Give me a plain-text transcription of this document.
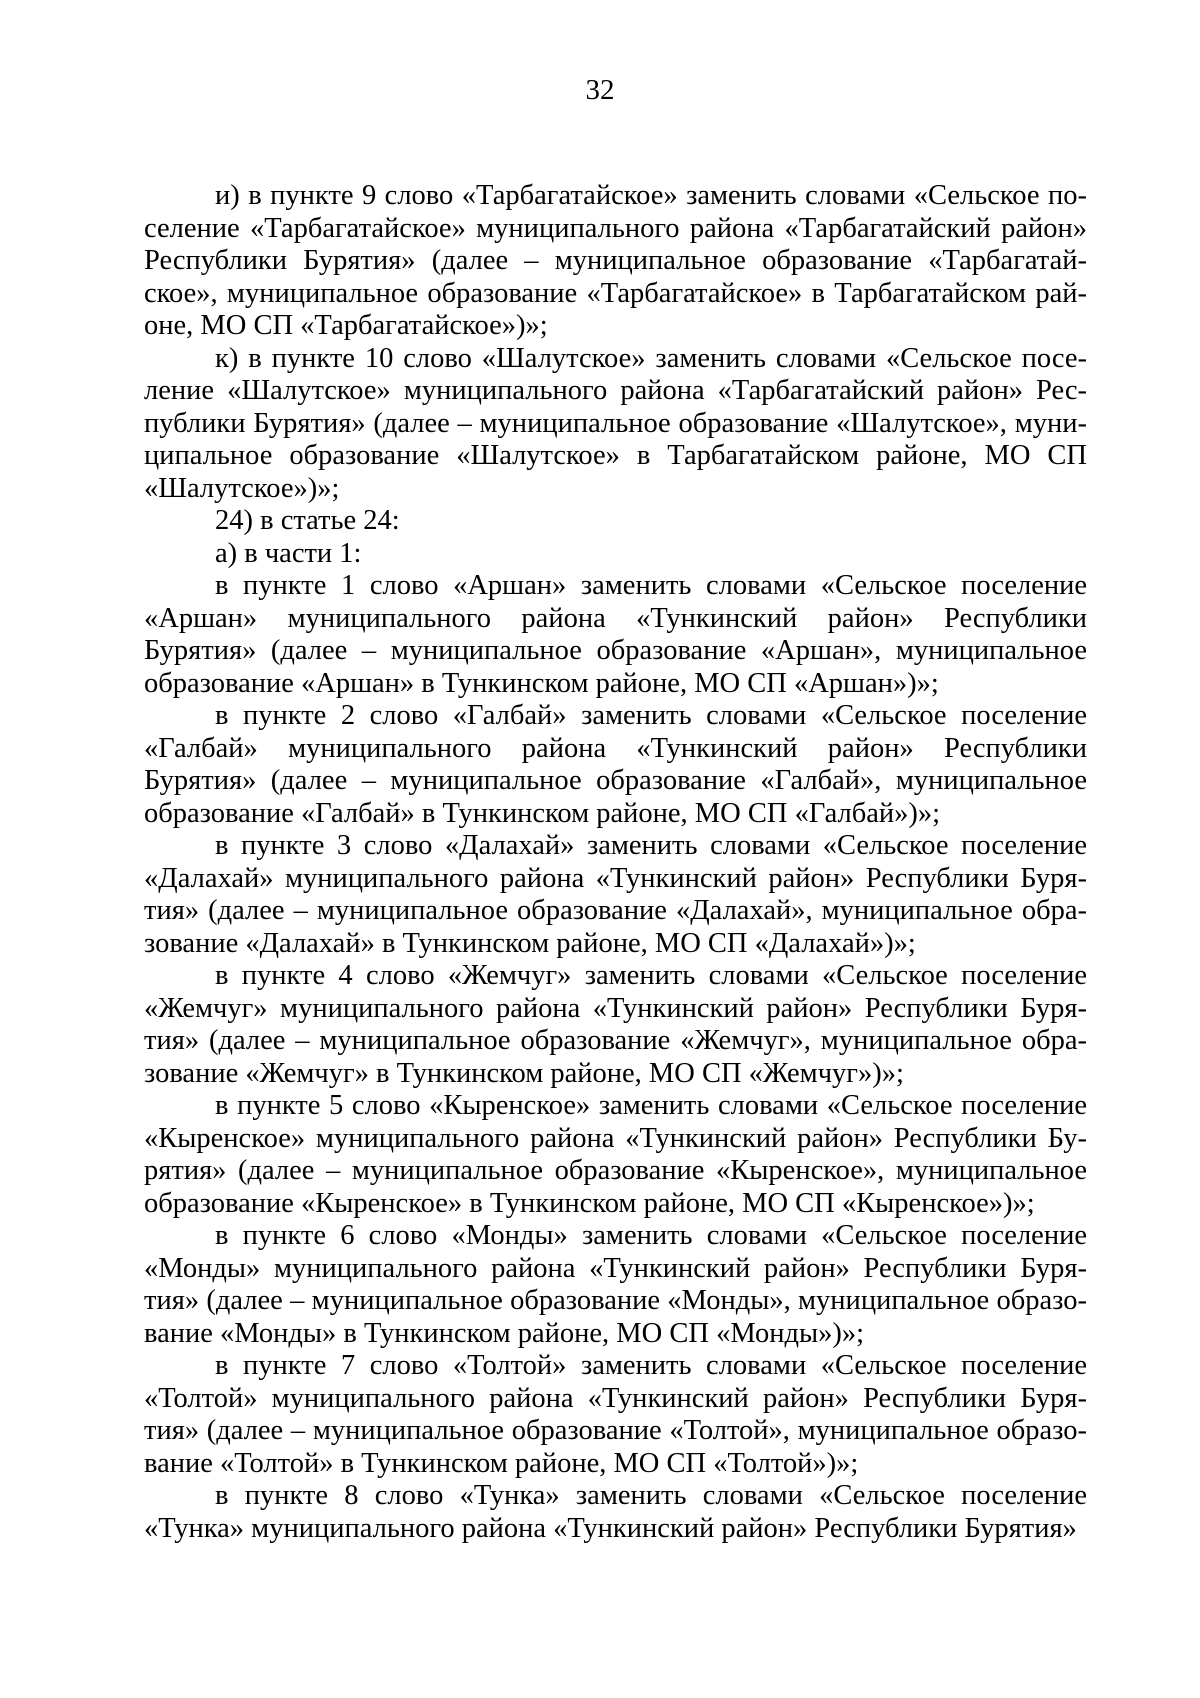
32

и) в пункте 9 слово «Тарбагатайское» заменить словами «Сельское поселение «Тарбагатайское» муниципального района «Тарбагатайский район» Республики Бурятия» (далее – муниципальное образование «Тарбагатайское», муниципальное образование «Тарбагатайское» в Тарбагатайском районе, МО СП «Тарбагатайское»)»;

к) в пункте 10 слово «Шалутское» заменить словами «Сельское поселение «Шалутское» муниципального района «Тарбагатайский район» Республики Бурятия» (далее – муниципальное образование «Шалутское», муниципальное образование «Шалутское» в Тарбагатайском районе, МО СП «Шалутское»)»;

24) в статье 24:

а) в части 1:

в пункте 1 слово «Аршан» заменить словами «Сельское поселение «Аршан» муниципального района «Тункинский район» Республики Бурятия» (далее – муниципальное образование «Аршан», муниципальное образование «Аршан» в Тункинском районе, МО СП «Аршан»)»;

в пункте 2 слово «Галбай» заменить словами «Сельское поселение «Галбай» муниципального района «Тункинский район» Республики Бурятия» (далее – муниципальное образование «Галбай», муниципальное образование «Галбай» в Тункинском районе, МО СП «Галбай»)»;

в пункте 3 слово «Далахай» заменить словами «Сельское поселение «Далахай» муниципального района «Тункинский район» Республики Бурятия» (далее – муниципальное образование «Далахай», муниципальное образование «Далахай» в Тункинском районе, МО СП «Далахай»)»;

в пункте 4 слово «Жемчуг» заменить словами «Сельское поселение «Жемчуг» муниципального района «Тункинский район» Республики Бурятия» (далее – муниципальное образование «Жемчуг», муниципальное образование «Жемчуг» в Тункинском районе, МО СП «Жемчуг»)»;

в пункте 5 слово «Кыренское» заменить словами «Сельское поселение «Кыренское» муниципального района «Тункинский район» Республики Бурятия» (далее – муниципальное образование «Кыренское», муниципальное образование «Кыренское» в Тункинском районе, МО СП «Кыренское»)»;

в пункте 6 слово «Монды» заменить словами «Сельское поселение «Монды» муниципального района «Тункинский район» Республики Бурятия» (далее – муниципальное образование «Монды», муниципальное образование «Монды» в Тункинском районе, МО СП «Монды»)»;

в пункте 7 слово «Толтой» заменить словами «Сельское поселение «Толтой» муниципального района «Тункинский район» Республики Бурятия» (далее – муниципальное образование «Толтой», муниципальное образование «Толтой» в Тункинском районе, МО СП «Толтой»)»;

в пункте 8 слово «Тунка» заменить словами «Сельское поселение «Тунка» муниципального района «Тункинский район» Республики Бурятия»
